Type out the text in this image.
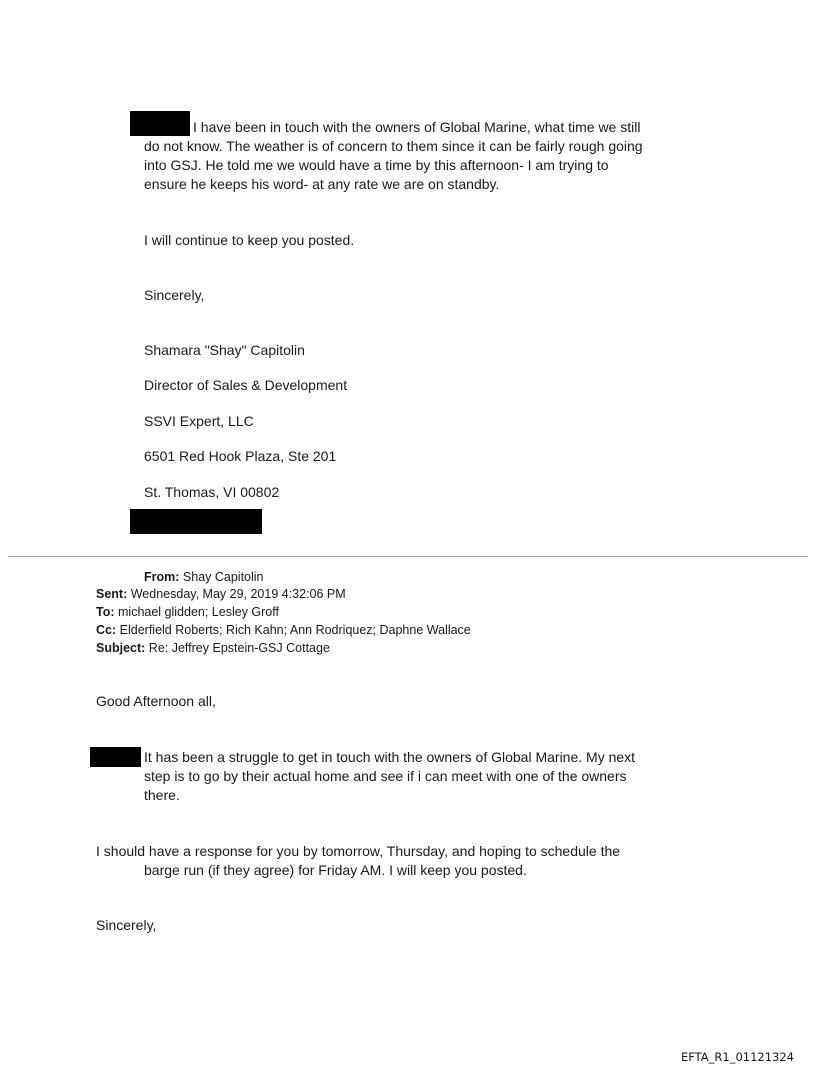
I have been in touch with the owners of Global Marine, what time we still
do not know. The weather is of concern to them since it can be fairly rough going
into GSJ. He told me we would have a time by this afternoon- I am trying to
ensure he keeps his word- at any rate we are on standby.
I will continue to keep you posted.
Sincerely,
Shamara "Shay" Capitolin
Director of Sales & Development
SSVI Expert, LLC
6501 Red Hook Plaza, Ste 201
St. Thomas, VI 00802
From: Shay Capitolin
Sent: Wednesday, May 29, 2019 4:32:06 PM
To: michael glidden; Lesley Groff
Cc: Elderfield Roberts; Rich Kahn; Ann Rodriquez; Daphne Wallace
Subject: Re: Jeffrey Epstein-GSJ Cottage
Good Afternoon all,
It has been a struggle to get in touch with the owners of Global Marine. My next
step is to go by their actual home and see if i can meet with one of the owners
there.
I should have a response for you by tomorrow, Thursday, and hoping to schedule the
barge run (if they agree) for Friday AM. I will keep you posted.
Sincerely,
EFTA_R1_01121324
